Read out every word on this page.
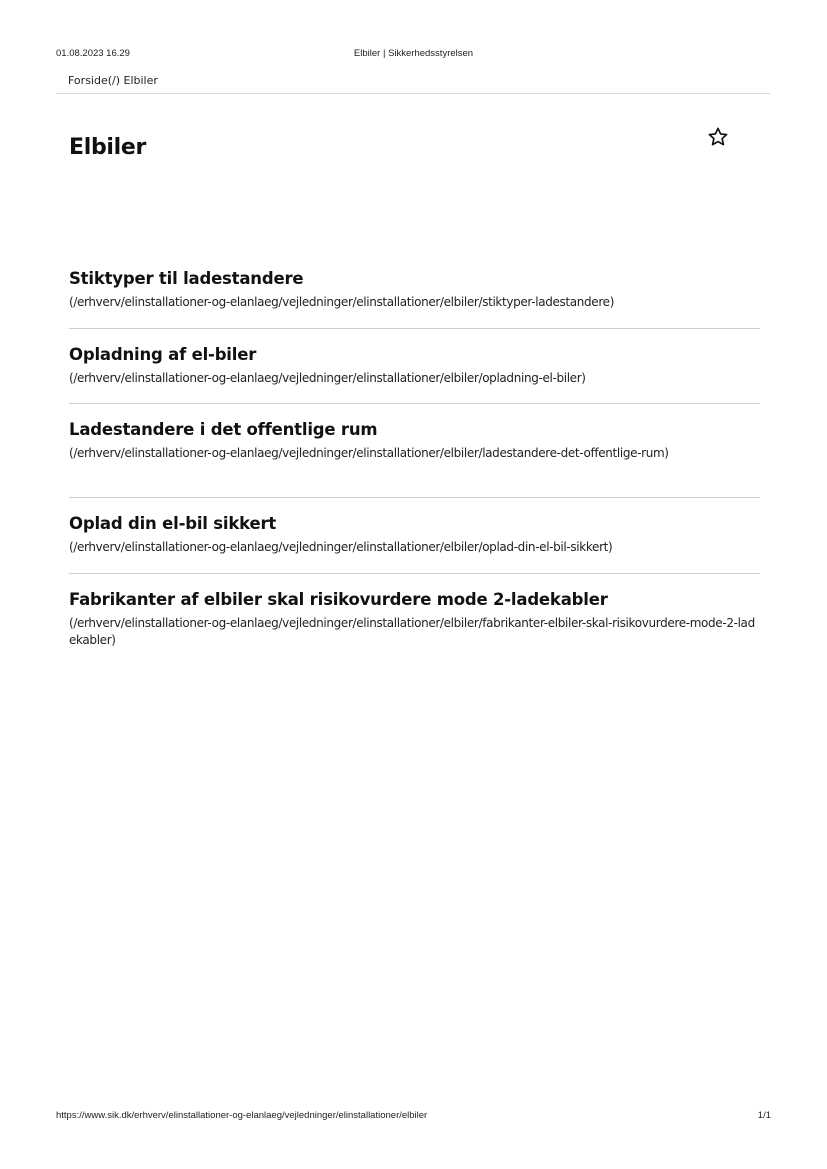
01.08.2023 16.29	Elbiler | Sikkerhedsstyrelsen
Forside(/) Elbiler
Elbiler
Stiktyper til ladestandere
(/erhverv/elinstallationer-og-elanlaeg/vejledninger/elinstallationer/elbiler/stiktyper-ladestandere)
Opladning af el-biler
(/erhverv/elinstallationer-og-elanlaeg/vejledninger/elinstallationer/elbiler/opladning-el-biler)
Ladestandere i det offentlige rum
(/erhverv/elinstallationer-og-elanlaeg/vejledninger/elinstallationer/elbiler/ladestandere-det-offentlige-rum)
Oplad din el-bil sikkert
(/erhverv/elinstallationer-og-elanlaeg/vejledninger/elinstallationer/elbiler/oplad-din-el-bil-sikkert)
Fabrikanter af elbiler skal risikovurdere mode 2-ladekabler
(/erhverv/elinstallationer-og-elanlaeg/vejledninger/elinstallationer/elbiler/fabrikanter-elbiler-skal-risikovurdere-mode-2-ladekabler)
https://www.sik.dk/erhverv/elinstallationer-og-elanlaeg/vejledninger/elinstallationer/elbiler	1/1
